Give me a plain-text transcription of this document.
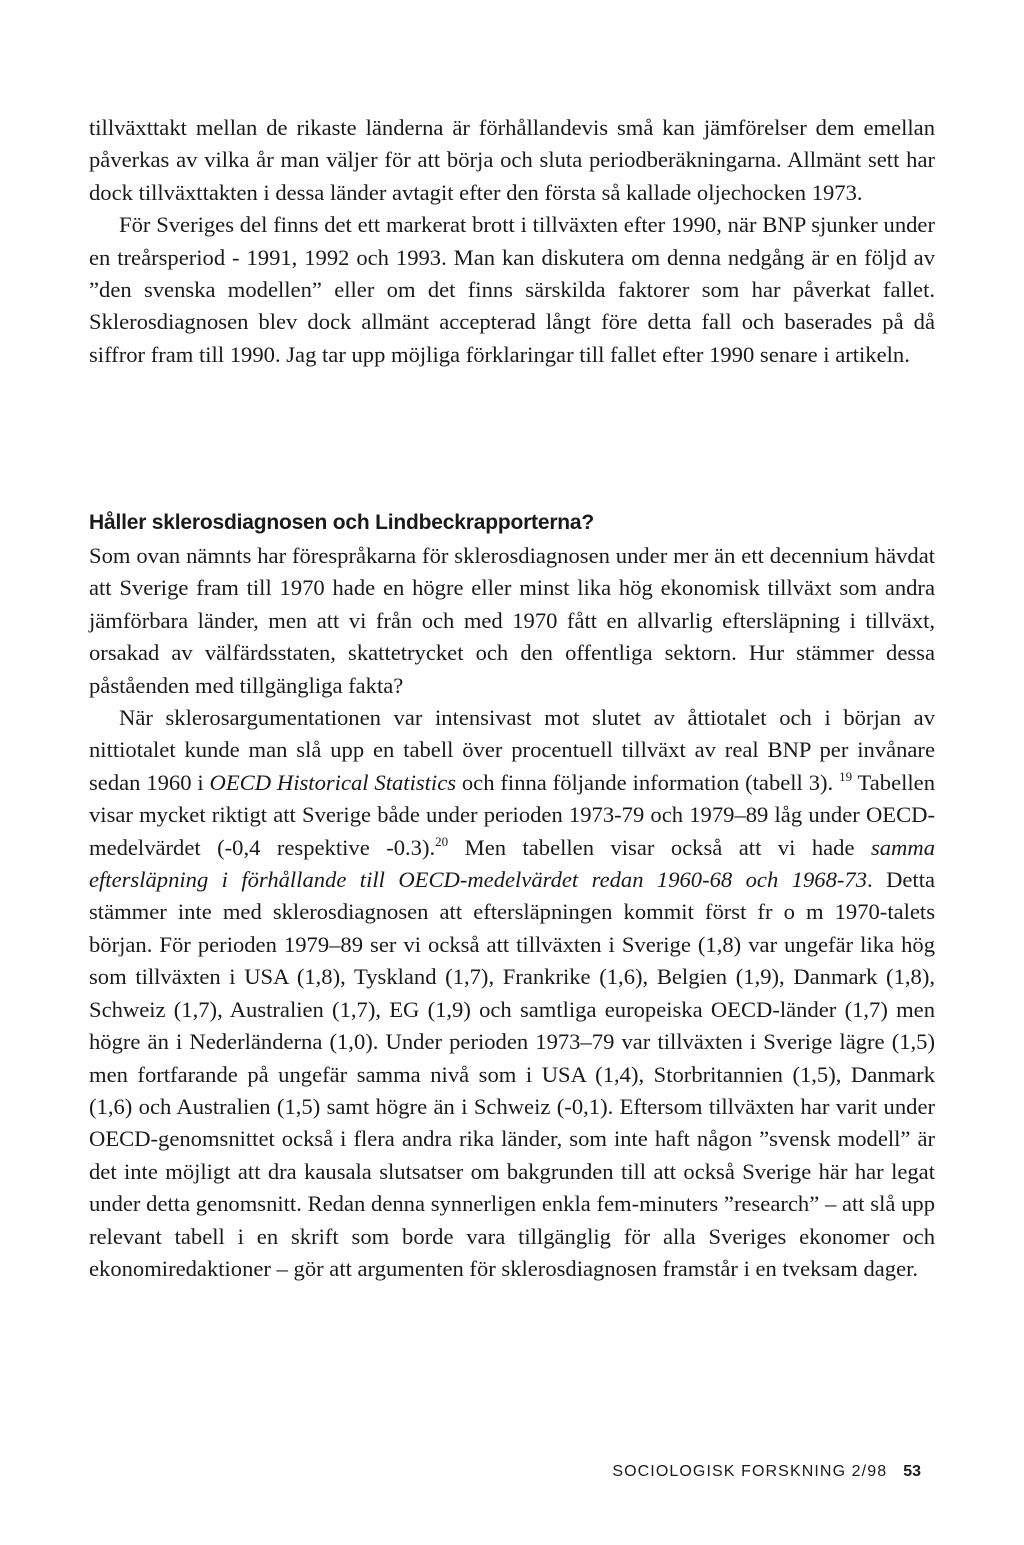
tillväxttakt mellan de rikaste länderna är förhållandevis små kan jämförelser dem emellan påverkas av vilka år man väljer för att börja och sluta periodberäkningarna. Allmänt sett har dock tillväxttakten i dessa länder avtagit efter den första så kallade oljechocken 1973.

För Sveriges del finns det ett markerat brott i tillväxten efter 1990, när BNP sjunker under en treårsperiod - 1991, 1992 och 1993. Man kan diskutera om denna nedgång är en följd av ”den svenska modellen” eller om det finns särskilda faktorer som har påverkat fallet. Sklerosdiagnosen blev dock allmänt accepterad långt före detta fall och baserades på då siffror fram till 1990. Jag tar upp möjliga förklaringar till fallet efter 1990 senare i artikeln.

Håller sklerosdiagnosen och Lindbeckrapporterna?

Som ovan nämnts har förespråkarna för sklerosdiagnosen under mer än ett decennium hävdat att Sverige fram till 1970 hade en högre eller minst lika hög ekonomisk tillväxt som andra jämförbara länder, men att vi från och med 1970 fått en allvarlig eftersläpning i tillväxt, orsakad av välfärdsstaten, skattetrycket och den offentliga sektorn. Hur stämmer dessa påståenden med tillgängliga fakta?

När sklerosargumentationen var intensivast mot slutet av åttiotalet och i början av nittiotalet kunde man slå upp en tabell över procentuell tillväxt av real BNP per invånare sedan 1960 i OECD Historical Statistics och finna följande information (tabell 3). $^{19}$ Tabellen visar mycket riktigt att Sverige både under perioden 1973-79 och 1979–89 låg under OECD-medelvärdet (-0,4 respektive -0.3).$^{20}$ Men tabellen visar också att vi hade samma eftersläpning i förhållande till OECD-medelvärdet redan 1960-68 och 1968-73. Detta stämmer inte med sklerosdiagnosen att eftersläpningen kommit först fr o m 1970-talets början. För perioden 1979–89 ser vi också att tillväxten i Sverige (1,8) var ungefär lika hög som tillväxten i USA (1,8), Tyskland (1,7), Frankrike (1,6), Belgien (1,9), Danmark (1,8), Schweiz (1,7), Australien (1,7), EG (1,9) och samtliga europeiska OECD-länder (1,7) men högre än i Nederländerna (1,0). Under perioden 1973–79 var tillväxten i Sverige lägre (1,5) men fortfarande på ungefär samma nivå som i USA (1,4), Storbritannien (1,5), Danmark (1,6) och Australien (1,5) samt högre än i Schweiz (-0,1). Eftersom tillväxten har varit under OECD-genomsnittet också i flera andra rika länder, som inte haft någon ”svensk modell” är det inte möjligt att dra kausala slutsatser om bakgrunden till att också Sverige här har legat under detta genomsnitt. Redan denna synnerligen enkla fem-minuters ”research” – att slå upp relevant tabell i en skrift som borde vara tillgänglig för alla Sveriges ekonomer och ekonomiredaktioner – gör att argumenten för sklerosdiagnosen framstår i en tveksam dager.

SOCIOLOGISK FORSKNING 2/98 53
